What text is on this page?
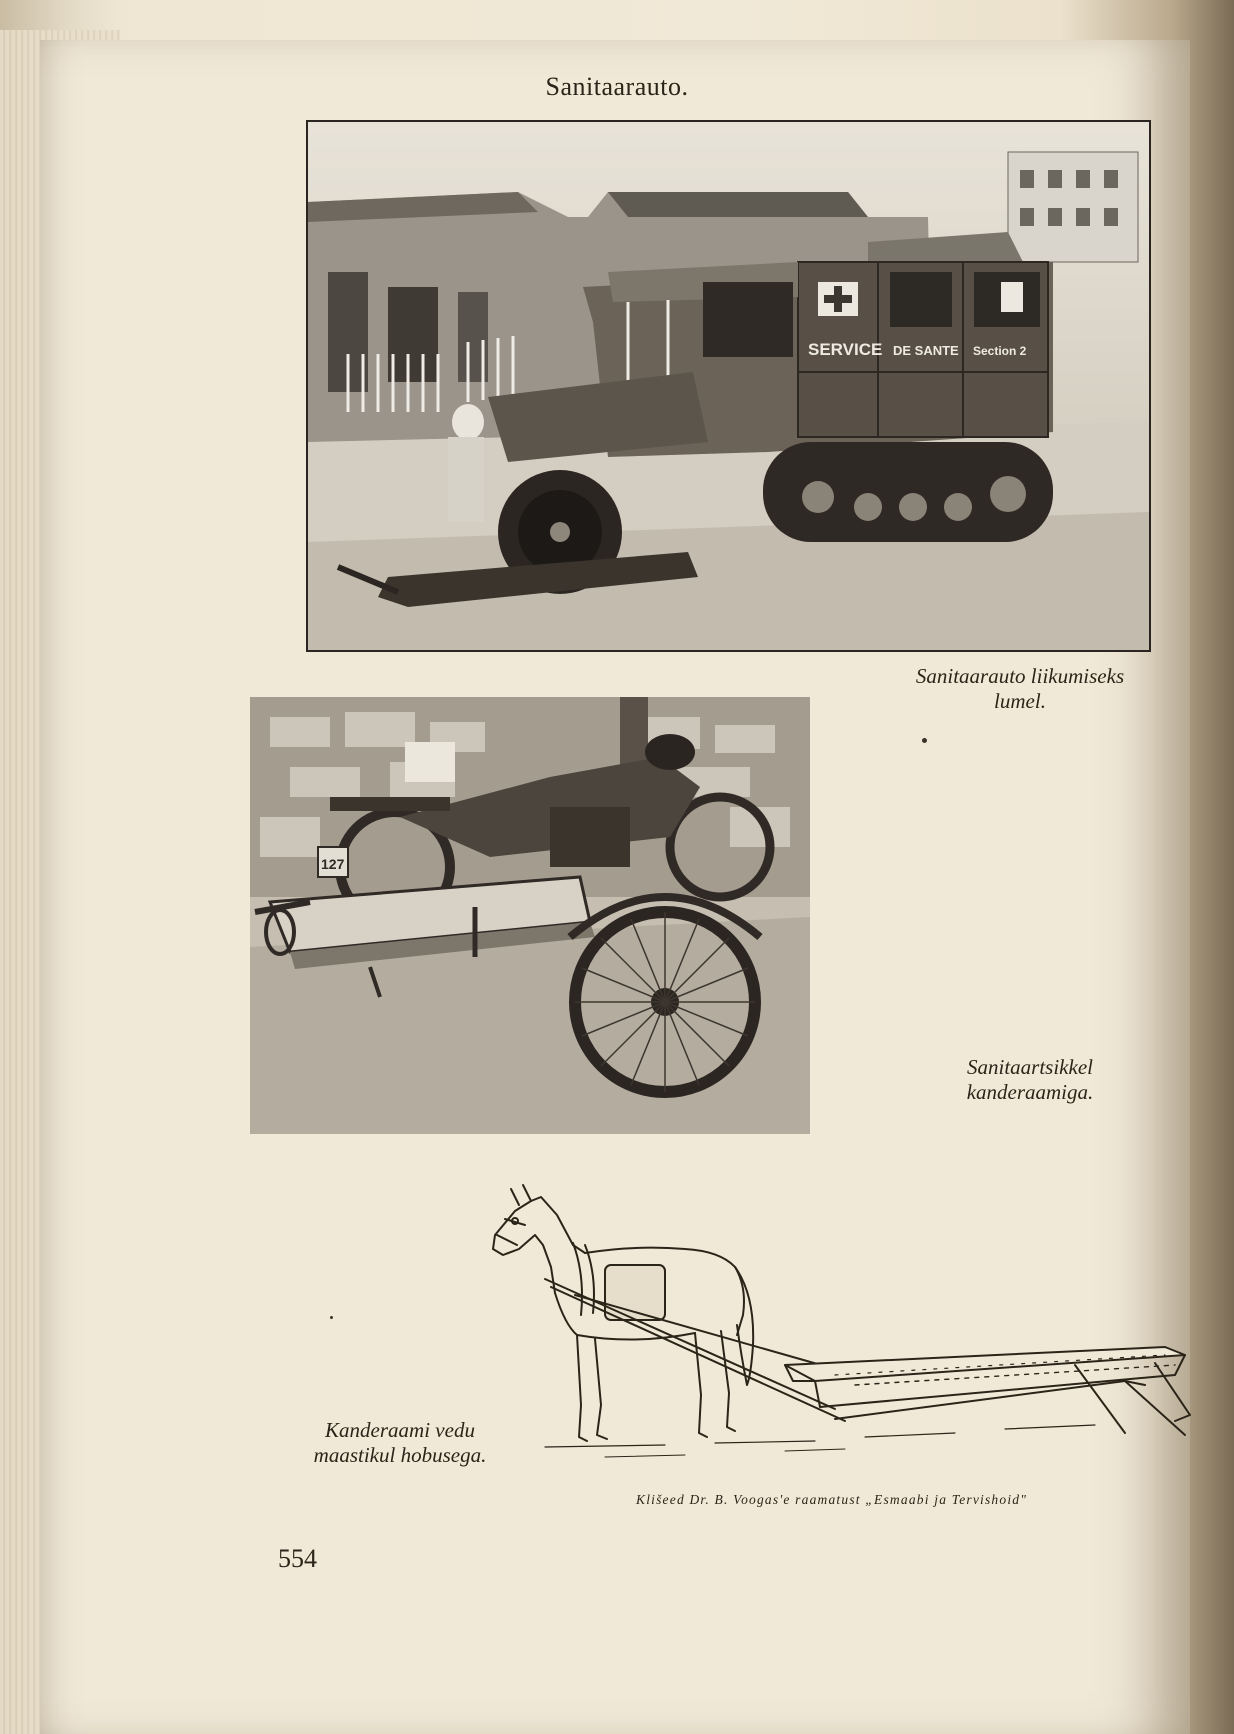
Sanitaarauto.
SERVICE DE SANTE Section 2
Sanitaarauto liikumiseks
lumel.
127
Sanitaartsikkel
kanderaamiga.
Kanderaami vedu
maastikul hobusega.
Klišeed Dr. B. Voogas'e raamatust „Esmaabi ja Tervishoid"
554
